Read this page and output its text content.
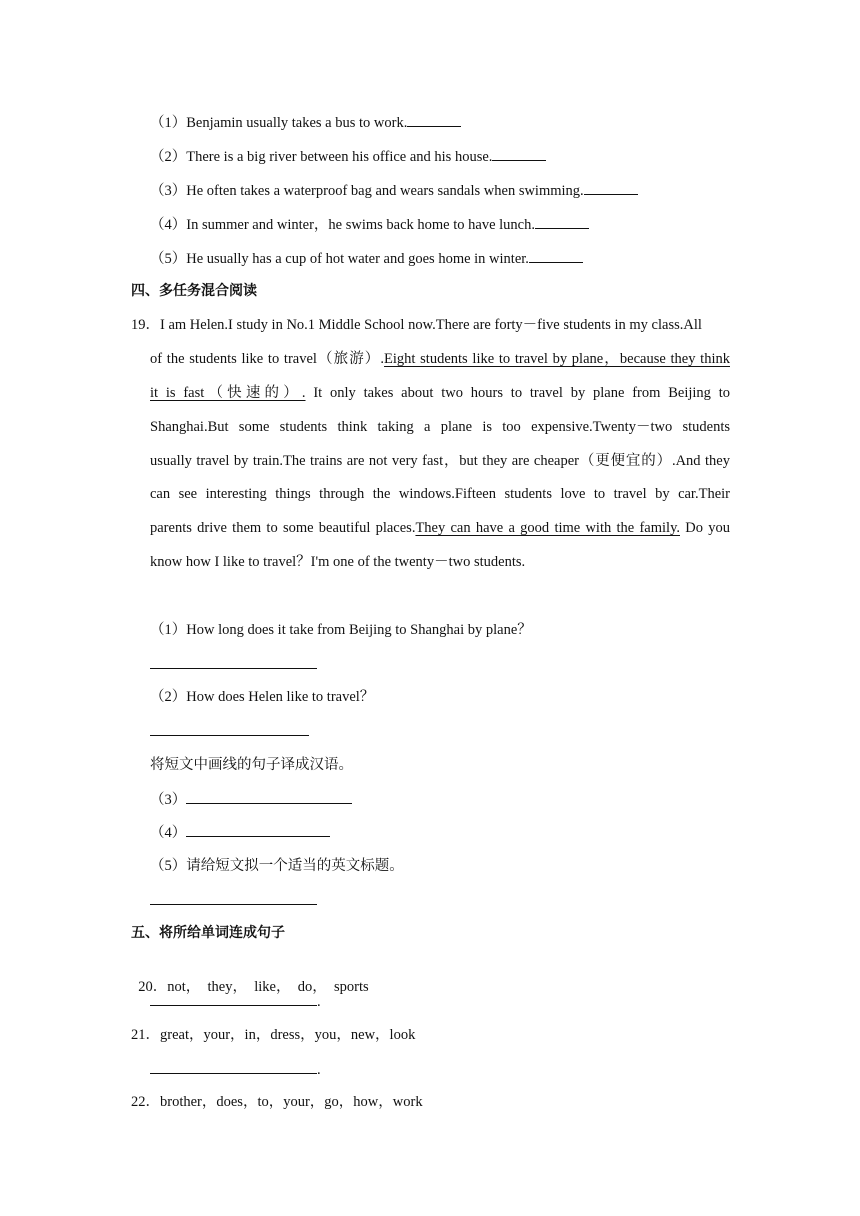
（1）Benjamin usually takes a bus to work.
（2）There is a big river between his office and his house.
（3）He often takes a waterproof bag and wears sandals when swimming.
（4）In summer and winter，he swims back home to have lunch.
（5）He usually has a cup of hot water and goes home in winter.
四、多任务混合阅读
19．I am Helen.I study in No.1 Middle School now.There are forty－five students in my class.All
of the students like to travel（旅游）.Eight students like to travel by plane，because they think
it is fast（快速的）. It only takes about two hours to travel by plane from Beijing to
Shanghai.But some students think taking a plane is too expensive.Twenty－two students
usually travel by train.The trains are not very fast，but they are cheaper（更便宜的）.And they
can see interesting things through the windows.Fifteen students love to travel by car.Their
parents drive them to some beautiful places.They can have a good time with the family. Do you
know how I like to travel？I'm one of the twenty－two students.
（1）How long does it take from Beijing to Shanghai by plane？
（2）How does Helen like to travel？
将短文中画线的句子译成汉语。
（3）
（4）
（5）请给短文拟一个适当的英文标题。
五、将所给单词连成句子

20．not，  they，  like，  do，  sports

.
21．great，your，in，dress，you，new，look
.
22．brother，does，to，your，go，how，work
